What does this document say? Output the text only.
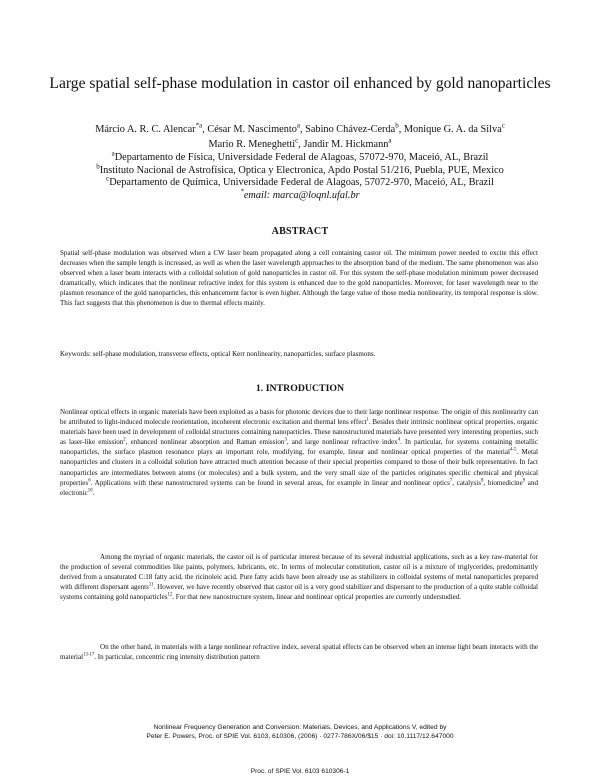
Large spatial self-phase modulation in castor oil enhanced by gold nanoparticles
Márcio A. R. C. Alencar$^{*a}$, César M. Nascimento$^a$, Sabino Chávez-Cerda$^b$, Monique G. A. da Silva$^c$
Mario R. Meneghetti$^c$, Jandir M. Hickmann$^a$
$^a$Departamento de Física, Universidade Federal de Alagoas, 57072-970, Maceió, AL, Brazil
$^b$Instituto Nacional de Astrofísica, Optica y Electronica, Apdo Postal 51/216, Puebla, PUE, Mexico
$^c$Departamento de Química, Universidade Federal de Alagoas, 57072-970, Maceió, AL, Brazil
*email: marca@loqnl.ufal.br
ABSTRACT
Spatial self-phase modulation was observed when a CW laser beam propagated along a cell containing castor oil. The minimum power needed to excite this effect decreases when the sample length is increased, as well as when the laser wavelength approaches to the absorption band of the medium. The same phenomenon was also observed when a laser beam interacts with a colloidal solution of gold nanoparticles in castor oil. For this system the self-phase modulation minimum power decreased dramatically, which indicates that the nonlinear refractive index for this system is enhanced due to the gold nanoparticles. Moreover, for laser wavelength near to the plasmon resonance of the gold nanoparticles, this enhancement factor is even higher. Although the large value of those media nonlinearity, its temporal response is slow. This fact suggests that this phenomenon is due to thermal effects mainly.
Keywords: self-phase modulation, transverse effects, optical Kerr nonlinearity, nanoparticles, surface plasmons.
1. INTRODUCTION
Nonlinear optical effects in organic materials have been exploited as a basis for photonic devices due to their large nonlinear response. The origin of this nonlinearity can be attributed to light-induced molecule reorientation, incoherent electronic excitation and thermal lens effect$^1$. Besides their intrinsic nonlinear optical properties, organic materials have been used in development of colloidal structures containing nanoparticles. These nanostructured materials have presented very interesting properties, such as laser-like emission$^2$, enhanced nonlinear absorption and Raman emission$^3$, and large nonlinear refractive index$^4$. In particular, for systems containing metallic nanoparticles, the surface plasmon resonance plays an important role, modifying, for example, linear and nonlinear optical properties of the material$^{4-5}$. Metal nanoparticles and clusters in a colloidal solution have attracted much attention because of their special properties compared to those of their bulk representative. In fact nanoparticles are intermediates between atoms (or molecules) and a bulk system, and the very small size of the particles originates specific chemical and physical properties$^6$. Applications with these nanostructured systems can be found in several areas, for example in linear and nonlinear optics$^7$, catalysis$^8$, biomedicine$^9$ and electronic$^{10}$.
Among the myriad of organic materials, the castor oil is of particular interest because of its several industrial applications, such as a key raw-material for the production of several commodities like paints, polymers, lubricants, etc. In terms of molecular constitution, castor oil is a mixture of triglycerides, predominantly derived from a unsaturated C:18 fatty acid, the ricinoleic acid. Pure fatty acids have been already use as stabilizers in colloidal systems of metal nanoparticles prepared with different dispersant agents$^{11}$. However, we have recently observed that castor oil is a very good stabilizer and dispersant to the production of a quite stable colloidal systems containing gold nanoparticles$^{12}$. For that new nanostructure system, linear and nonlinear optical properties are currently understudied.
On the other hand, in materials with a large nonlinear refractive index, several spatial effects can be observed when an intense light beam interacts with the material$^{13-17}$. In particular, concentric ring intensity distribution pattern
Nonlinear Frequency Generation and Conversion: Materials, Devices, and Applications V, edited by
Peter E. Powers, Proc. of SPIE Vol. 6103, 610306, (2006) · 0277-786X/06/$15 · doi: 10.1117/12.647000
Proc. of SPIE Vol. 6103 610306-1
